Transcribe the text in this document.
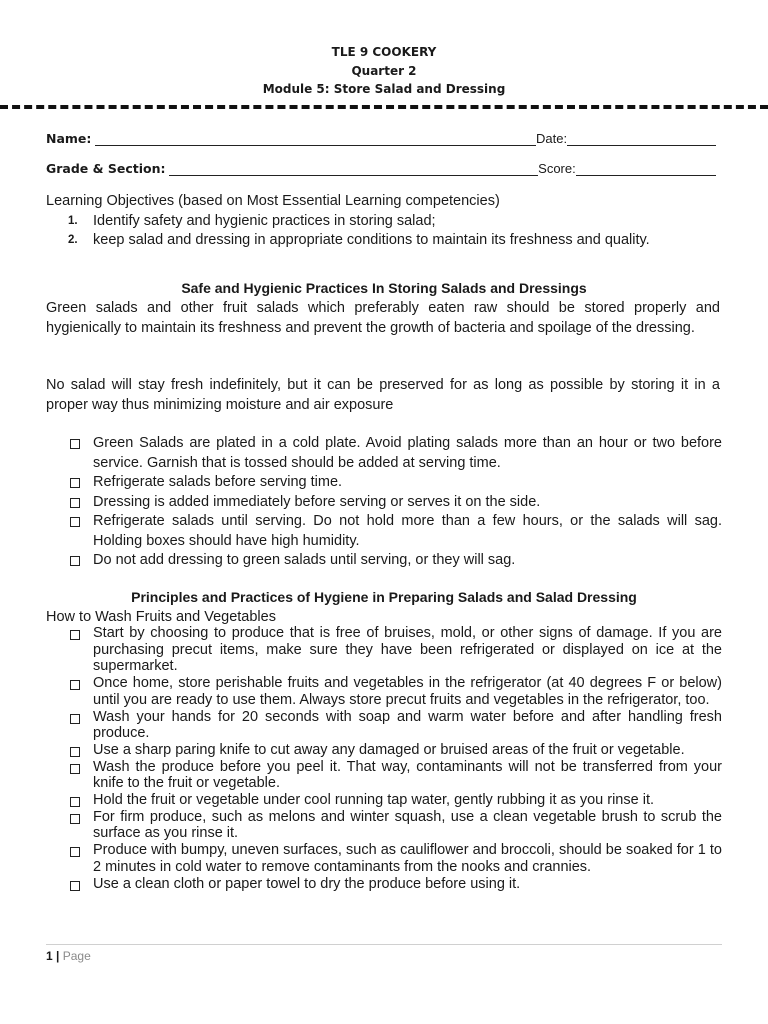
TLE 9 COOKERY
Quarter 2
Module 5: Store Salad and Dressing
Name:	Date:
Grade & Section:	Score:
Learning Objectives (based on Most Essential Learning competencies)
1. Identify safety and hygienic practices in storing salad;
2. keep salad and dressing in appropriate conditions to maintain its freshness and quality.
Safe and Hygienic Practices In Storing Salads and Dressings
Green salads and other fruit salads which preferably eaten raw should be stored properly and hygienically to maintain its freshness and prevent the growth of bacteria and spoilage of the dressing.
No salad will stay fresh indefinitely, but it can be preserved for as long as possible by storing it in a proper way thus minimizing moisture and air exposure
Green Salads are plated in a cold plate. Avoid plating salads more than an hour or two before service. Garnish that is tossed should be added at serving time.
Refrigerate salads before serving time.
Dressing is added immediately before serving or serves it on the side.
Refrigerate salads until serving. Do not hold more than a few hours, or the salads will sag. Holding boxes should have high humidity.
Do not add dressing to green salads until serving, or they will sag.
Principles and Practices of Hygiene in Preparing Salads and Salad Dressing
How to Wash Fruits and Vegetables
Start by choosing to produce that is free of bruises, mold, or other signs of damage. If you are purchasing precut items, make sure they have been refrigerated or displayed on ice at the supermarket.
Once home, store perishable fruits and vegetables in the refrigerator (at 40 degrees F or below) until you are ready to use them. Always store precut fruits and vegetables in the refrigerator, too.
Wash your hands for 20 seconds with soap and warm water before and after handling fresh produce.
Use a sharp paring knife to cut away any damaged or bruised areas of the fruit or vegetable.
Wash the produce before you peel it. That way, contaminants will not be transferred from your knife to the fruit or vegetable.
Hold the fruit or vegetable under cool running tap water, gently rubbing it as you rinse it.
For firm produce, such as melons and winter squash, use a clean vegetable brush to scrub the surface as you rinse it.
Produce with bumpy, uneven surfaces, such as cauliflower and broccoli, should be soaked for 1 to 2 minutes in cold water to remove contaminants from the nooks and crannies.
Use a clean cloth or paper towel to dry the produce before using it.
1 | Page
